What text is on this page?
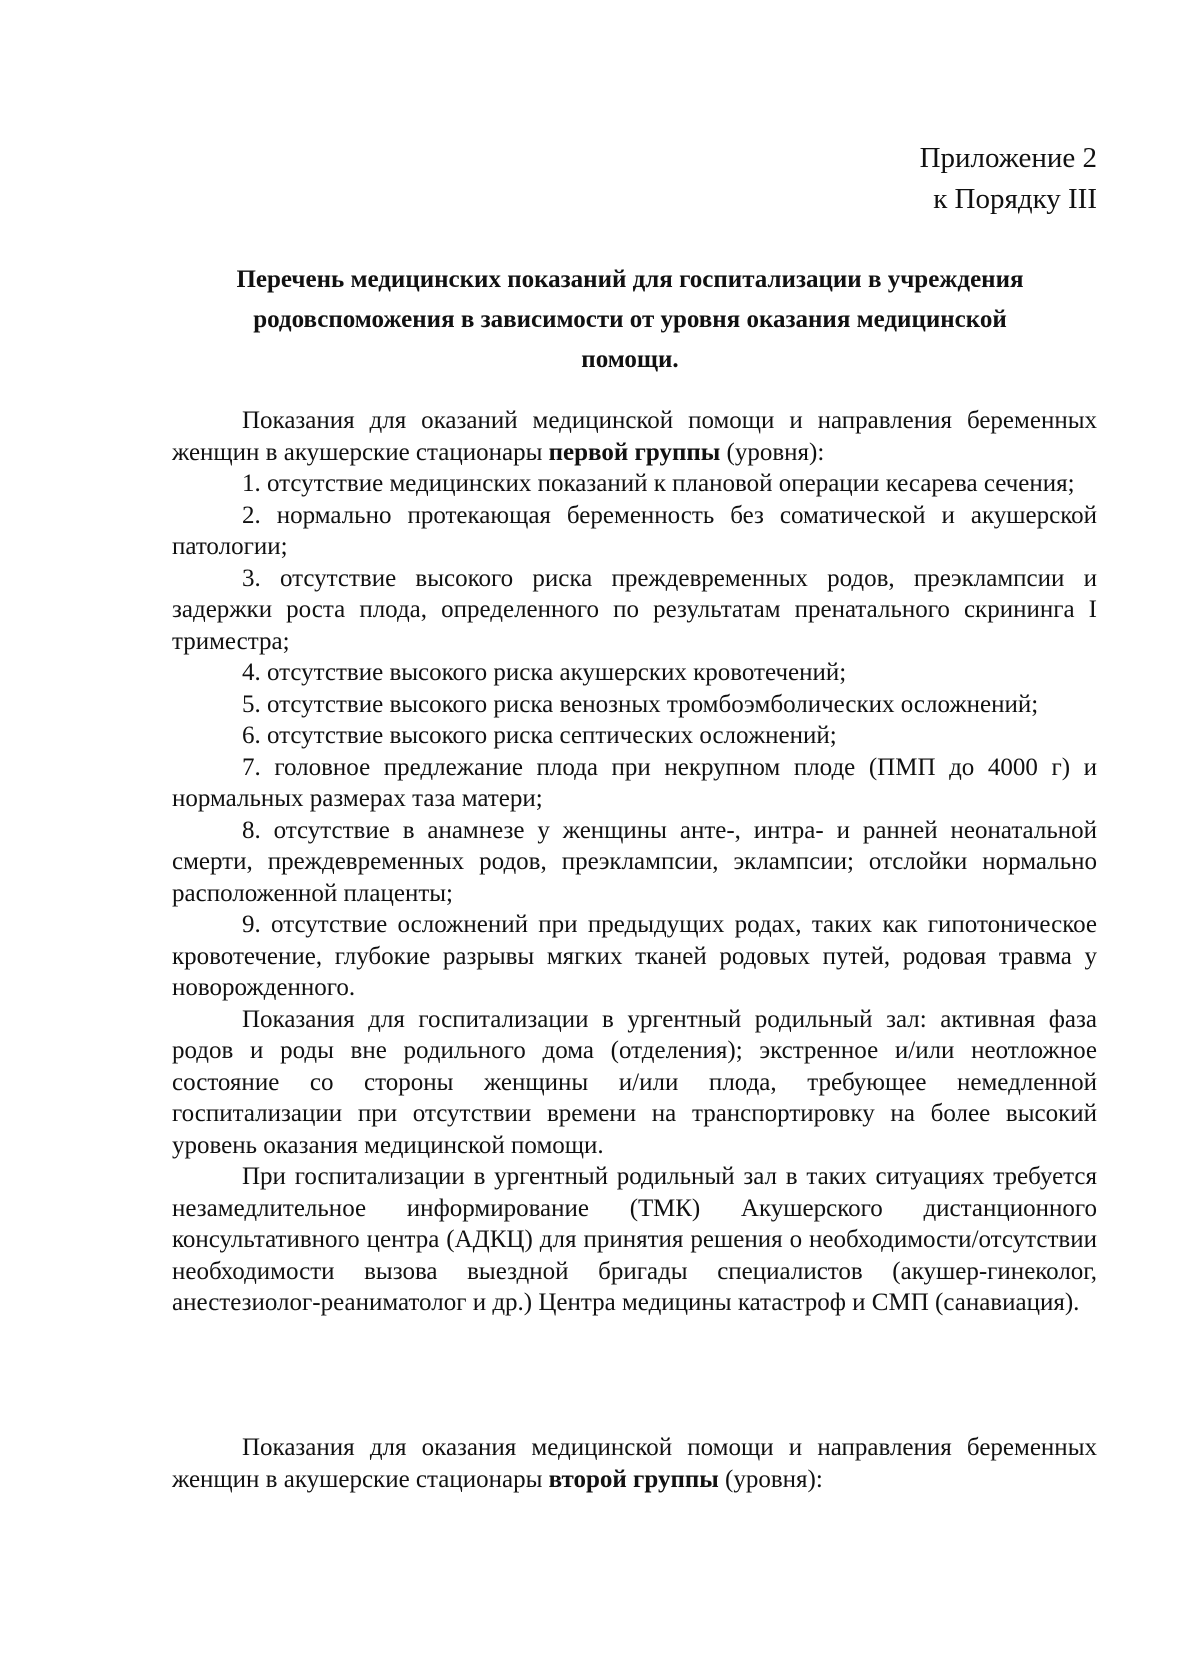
Приложение 2
к Порядку III
Перечень медицинских показаний для госпитализации в учреждения
родовспоможения в зависимости от уровня оказания медицинской
помощи.

Показания для оказаний медицинской помощи и направления беременных женщин в акушерские стационары первой группы (уровня):

1. отсутствие медицинских показаний к плановой операции кесарева сечения;

2. нормально протекающая беременность без соматической и акушерской патологии;

3. отсутствие высокого риска преждевременных родов, преэклампсии и задержки роста плода, определенного по результатам пренатального скрининга I триместра;

4. отсутствие высокого риска акушерских кровотечений;

5. отсутствие высокого риска венозных тромбоэмболических осложнений;

6. отсутствие высокого риска септических осложнений;

7. головное предлежание плода при некрупном плоде (ПМП до 4000 г) и нормальных размерах таза матери;

8. отсутствие в анамнезе у женщины анте-, интра- и ранней неонатальной смерти, преждевременных родов, преэклампсии, эклампсии; отслойки нормально расположенной плаценты;

9. отсутствие осложнений при предыдущих родах, таких как гипотоническое кровотечение, глубокие разрывы мягких тканей родовых путей, родовая травма у новорожденного.

Показания для госпитализации в ургентный родильный зал: активная фаза родов и роды вне родильного дома (отделения); экстренное и/или неотложное состояние со стороны женщины и/или плода, требующее немедленной госпитализации при отсутствии времени на транспортировку на более высокий уровень оказания медицинской помощи.

При госпитализации в ургентный родильный зал в таких ситуациях требуется незамедлительное информирование (ТМК) Акушерского дистанционного консультативного центра (АДКЦ) для принятия решения о необходимости/отсутствии необходимости вызова выездной бригады специалистов (акушер-гинеколог, анестезиолог-реаниматолог и др.) Центра медицины катастроф и СМП (санавиация).

Показания для оказания медицинской помощи и направления беременных женщин в акушерские стационары второй группы (уровня):
